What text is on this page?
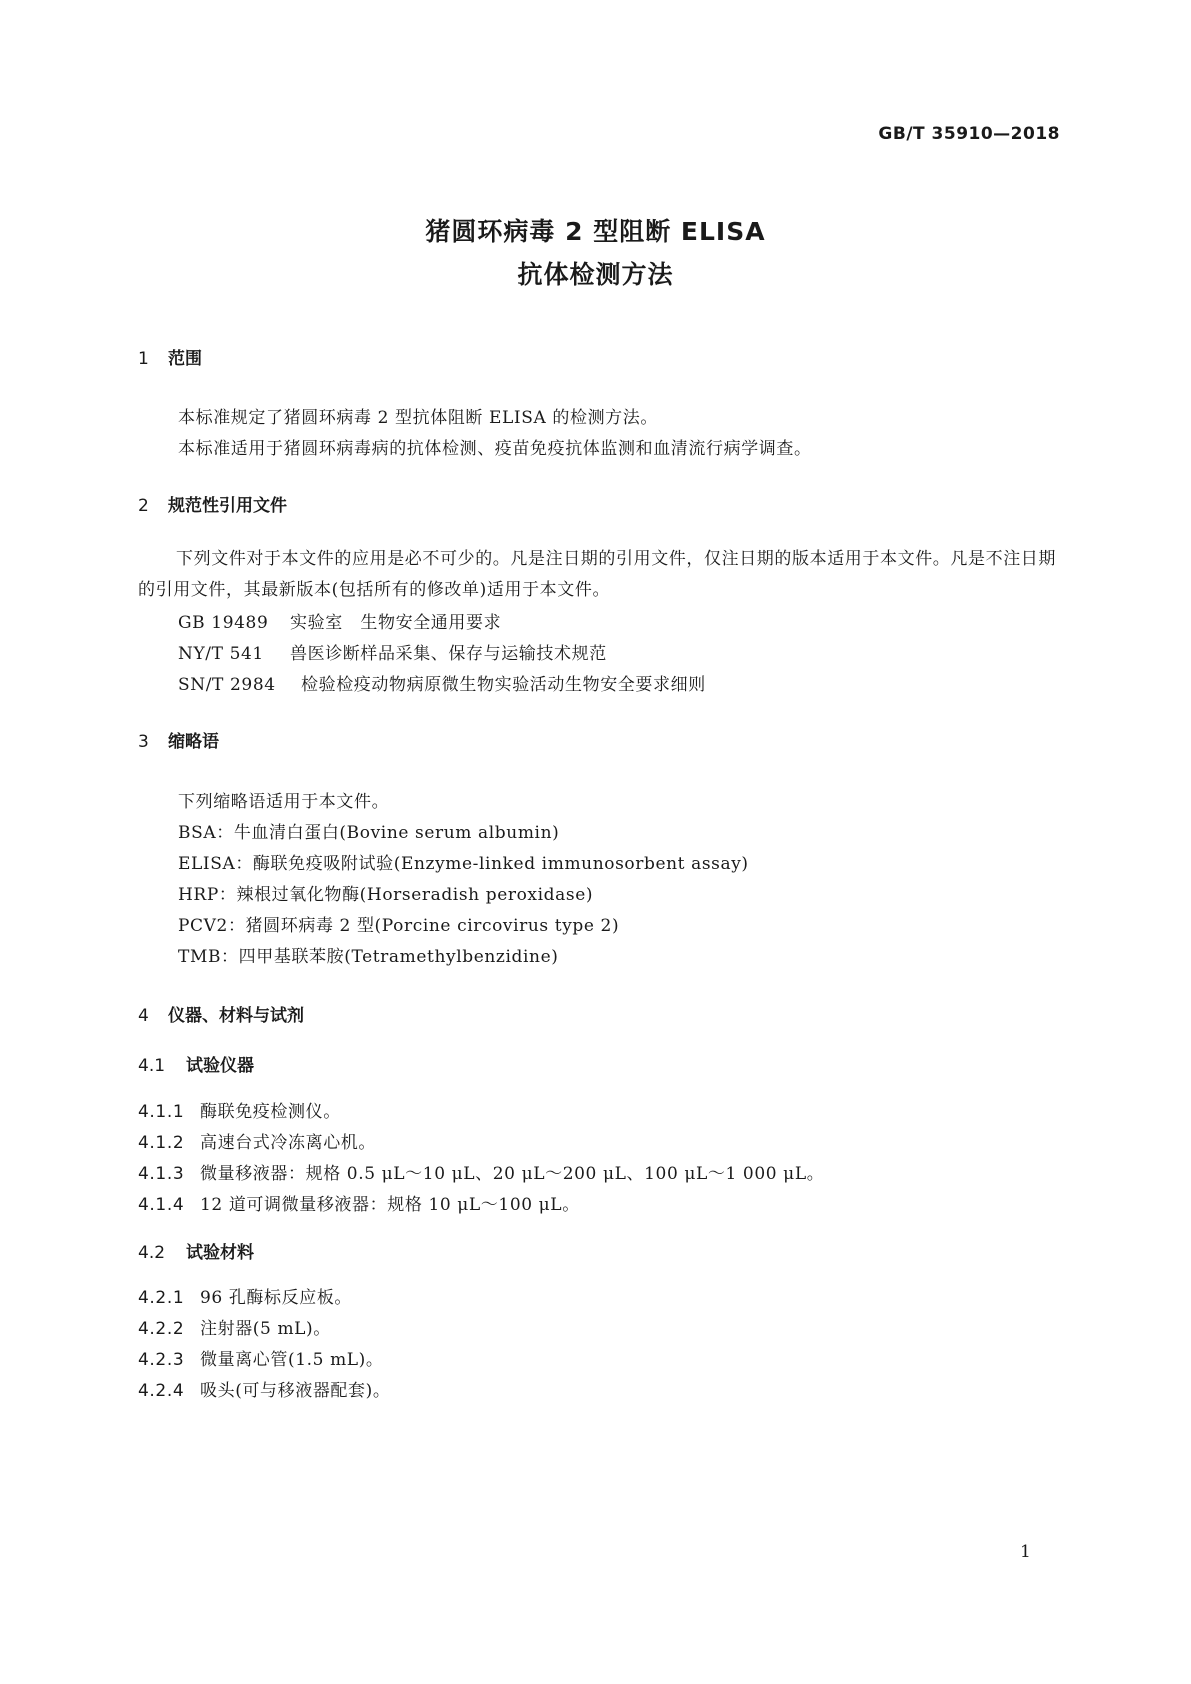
GB/T 35910—2018
猪圆环病毒 2 型阻断 ELISA
抗体检测方法
1 范围
本标准规定了猪圆环病毒 2 型抗体阻断 ELISA 的检测方法。
本标准适用于猪圆环病毒病的抗体检测、疫苗免疫抗体监测和血清流行病学调查。
2 规范性引用文件
下列文件对于本文件的应用是必不可少的。凡是注日期的引用文件，仅注日期的版本适用于本文件。凡是不注日期的引用文件，其最新版本(包括所有的修改单)适用于本文件。
GB 19489 实验室　生物安全通用要求
NY/T 541 兽医诊断样品采集、保存与运输技术规范
SN/T 2984 检验检疫动物病原微生物实验活动生物安全要求细则
3 缩略语
下列缩略语适用于本文件。
BSA：牛血清白蛋白(Bovine serum albumin)
ELISA：酶联免疫吸附试验(Enzyme-linked immunosorbent assay)
HRP：辣根过氧化物酶(Horseradish peroxidase)
PCV2：猪圆环病毒 2 型(Porcine circovirus type 2)
TMB：四甲基联苯胺(Tetramethylbenzidine)
4 仪器、材料与试剂
4.1 试验仪器
4.1.1 酶联免疫检测仪。
4.1.2 高速台式冷冻离心机。
4.1.3 微量移液器：规格 0.5 μL～10 μL、20 μL～200 μL、100 μL～1 000 μL。
4.1.4 12 道可调微量移液器：规格 10 μL～100 μL。
4.2 试验材料
4.2.1 96 孔酶标反应板。
4.2.2 注射器(5 mL)。
4.2.3 微量离心管(1.5 mL)。
4.2.4 吸头(可与移液器配套)。
1
